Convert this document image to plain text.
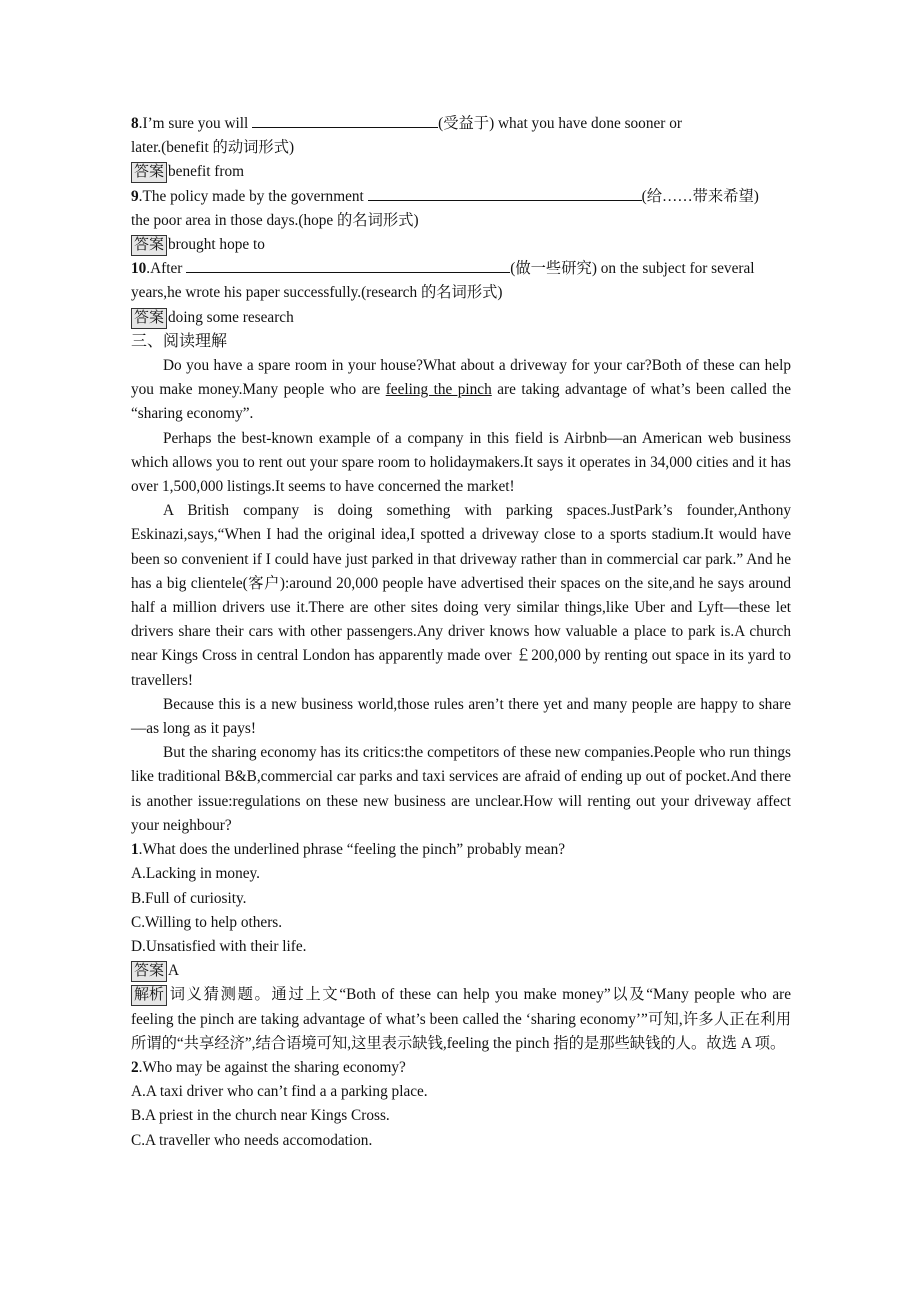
8.I’m sure you will	(受益于) what you have done sooner or
later.(benefit 的动词形式)
答案 benefit from
9.The policy made by the government	(给……带来希望)
the poor area in those days.(hope 的名词形式)
答案 brought hope to
10.After	(做一些研究) on the subject for several
years,he wrote his paper successfully.(research 的名词形式)
答案 doing some research
三、阅读理解
Do you have a spare room in your house?What about a driveway for your car?Both of these can help you make money.Many people who are feeling the pinch are taking advantage of what’s been called the “sharing economy”.
Perhaps the best-known example of a company in this field is Airbnb—an American web business which allows you to rent out your spare room to holidaymakers.It says it operates in 34,000 cities and it has over 1,500,000 listings.It seems to have concerned the market!
A British company is doing something with parking spaces.JustPark’s founder,Anthony Eskinazi,says,“When I had the original idea,I spotted a driveway close to a sports stadium.It would have been so convenient if I could have just parked in that driveway rather than in commercial car park.” And he has a big clientele(客户):around 20,000 people have advertised their spaces on the site,and he says around half a million drivers use it.There are other sites doing very similar things,like Uber and Lyft—these let drivers share their cars with other passengers.Any driver knows how valuable a place to park is.A church near Kings Cross in central London has apparently made over ￡200,000 by renting out space in its yard to travellers!
Because this is a new business world,those rules aren’t there yet and many people are happy to share—as long as it pays!
But the sharing economy has its critics:the competitors of these new companies.People who run things like traditional B&B,commercial car parks and taxi services are afraid of ending up out of pocket.And there is another issue:regulations on these new business are unclear.How will renting out your driveway affect your neighbour?
1.What does the underlined phrase “feeling the pinch” probably mean?
A.Lacking in money.
B.Full of curiosity.
C.Willing to help others.
D.Unsatisfied with their life.
答案 A
解析 词义猜测题。通过上文“Both of these can help you make money”以及“Many people who are feeling the pinch are taking advantage of what’s been called the ‘sharing economy’”可知,许多人正在利用所谓的“共享经济”,结合语境可知,这里表示缺钱,feeling the pinch 指的是那些缺钱的人。故选 A 项。
2.Who may be against the sharing economy?
A.A taxi driver who can’t find a a parking place.
B.A priest in the church near Kings Cross.
C.A traveller who needs accomodation.
